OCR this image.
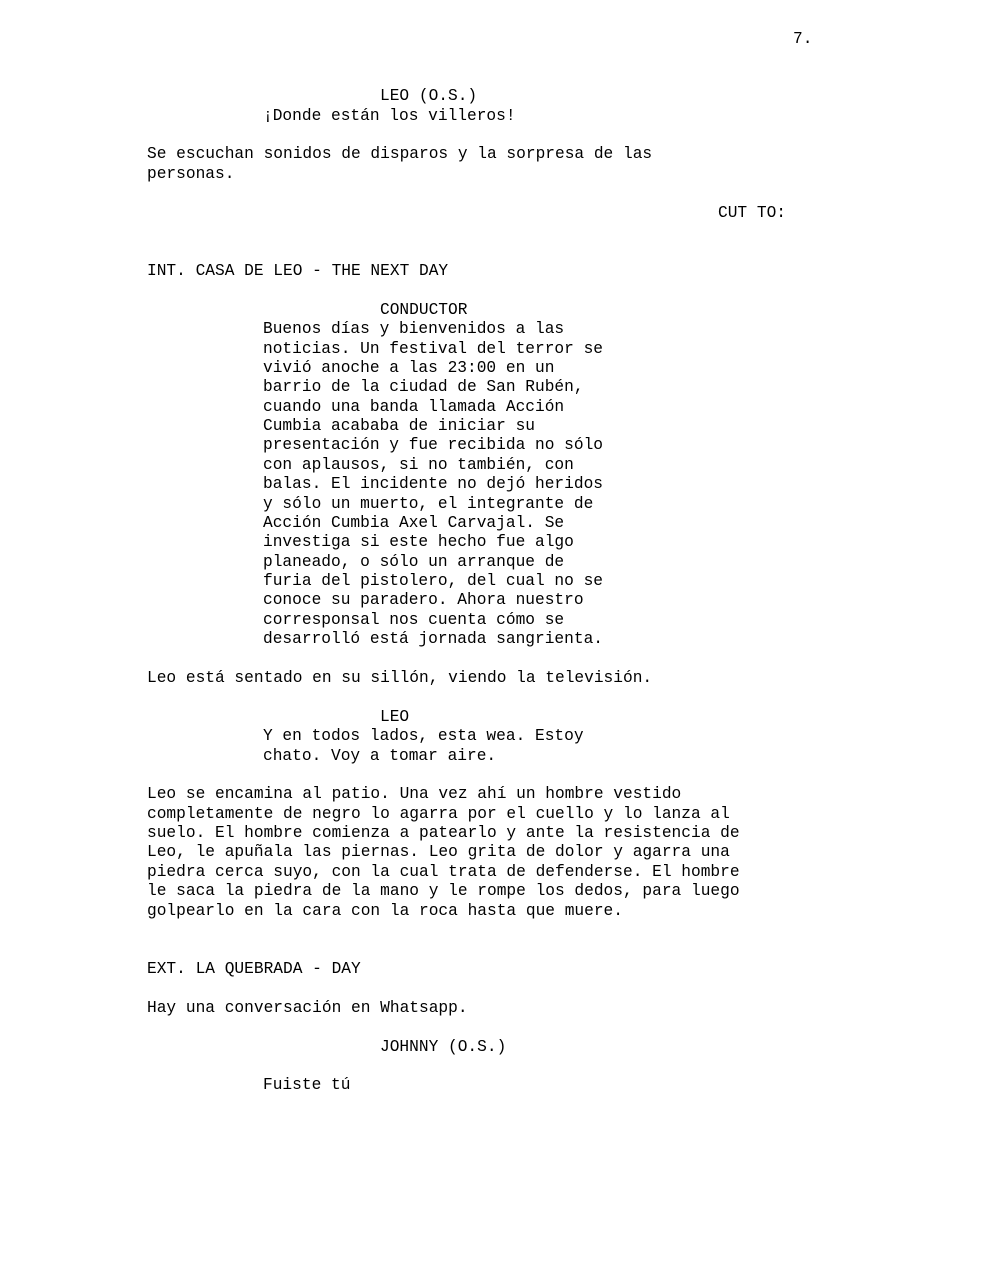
7.
LEO (O.S.)
¡Donde están los villeros!
Se escuchan sonidos de disparos y la sorpresa de las
personas.
CUT TO:
INT. CASA DE LEO - THE NEXT DAY
CONDUCTOR
Buenos días y bienvenidos a las
noticias. Un festival del terror se
vivió anoche a las 23:00 en un
barrio de la ciudad de San Rubén,
cuando una banda llamada Acción
Cumbia acababa de iniciar su
presentación y fue recibida no sólo
con aplausos, si no también, con
balas. El incidente no dejó heridos
y sólo un muerto, el integrante de
Acción Cumbia Axel Carvajal. Se
investiga si este hecho fue algo
planeado, o sólo un arranque de
furia del pistolero, del cual no se
conoce su paradero. Ahora nuestro
corresponsal nos cuenta cómo se
desarrolló está jornada sangrienta.
Leo está sentado en su sillón, viendo la televisión.
LEO
Y en todos lados, esta wea. Estoy
chato. Voy a tomar aire.
Leo se encamina al patio. Una vez ahí un hombre vestido
completamente de negro lo agarra por el cuello y lo lanza al
suelo. El hombre comienza a patearlo y ante la resistencia de
Leo, le apuñala las piernas. Leo grita de dolor y agarra una
piedra cerca suyo, con la cual trata de defenderse. El hombre
le saca la piedra de la mano y le rompe los dedos, para luego
golpearlo en la cara con la roca hasta que muere.
EXT. LA QUEBRADA - DAY
Hay una conversación en Whatsapp.
JOHNNY (O.S.)
Fuiste tú
